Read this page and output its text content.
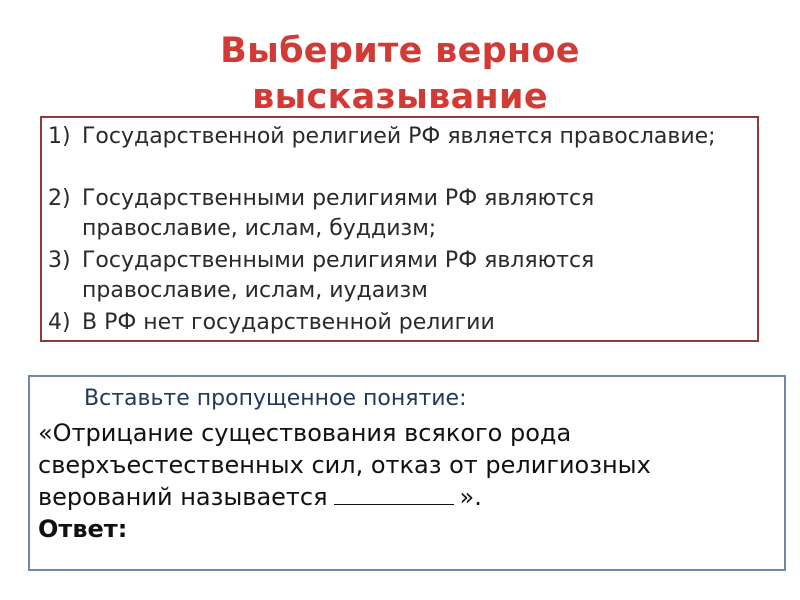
Выберите верное
высказывание
1) Государственной религией РФ является православие;
2) Государственными религиями РФ являются православие, ислам, буддизм;
3) Государственными религиями РФ являются православие, ислам, иудаизм
4) В РФ нет государственной религии
Вставьте пропущенное понятие:
«Отрицание существования всякого рода сверхъестественных сил, отказ от религиозных верований называется	».
Ответ:
